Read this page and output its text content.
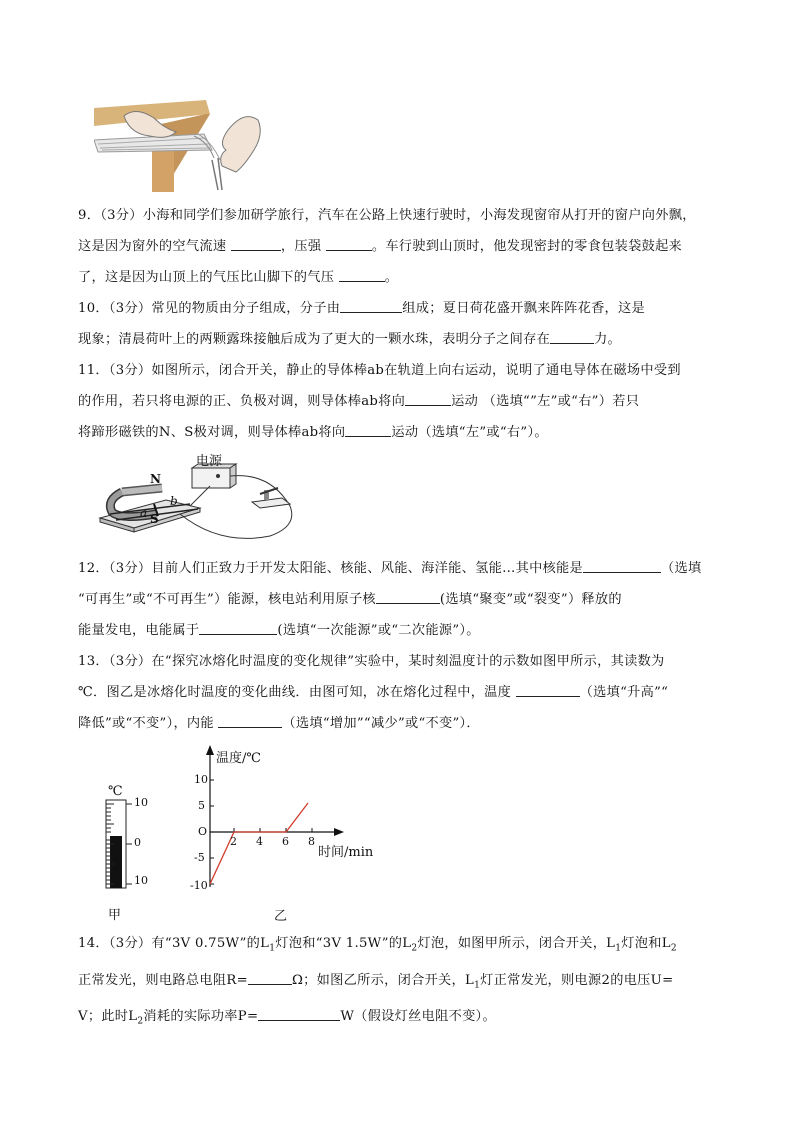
9．（3分）小海和同学们参加研学旅行，汽车在公路上快速行驶时，小海发现窗帘从打开的窗户向外飘，
这是因为窗外的空气流速	，压强	。车行驶到山顶时，他发现密封的零食包装袋鼓起来
了，这是因为山顶上的气压比山脚下的气压	。
10．（3分）常见的物质由分子组成，分子由	组成；夏日荷花盛开飘来阵阵花香，这是
现象；清晨荷叶上的两颗露珠接触后成为了更大的一颗水珠，表明分子之间存在	力。
11．（3分）如图所示，闭合开关，静止的导体棒ab在轨道上向右运动，说明了通电导体在磁场中受到
的作用，若只将电源的正、负极对调，则导体棒ab将向	运动 （选填“”左”或“右”）若只
将蹄形磁铁的N、S极对调，则导体棒ab将向	运动（选填“左”或“右”）。
电源
N
S
a
b
12．（3分）目前人们正致力于开发太阳能、核能、风能、海洋能、氢能…其中核能是	（选填
“可再生”或“不可再生”）能源，核电站利用原子核	(选填“聚变”或“裂变”）释放的
能量发电，电能属于	(选填“一次能源”或“二次能源”）。
13．（3分）在“探究冰熔化时温度的变化规律”实验中，某时刻温度计的示数如图甲所示，其读数为
℃．图乙是冰熔化时温度的变化曲线．由图可知，冰在熔化过程中，温度	（选填“升高”“
降低”或“不变”），内能	（选填“增加”“减少”或“不变”）．
℃
10
0
10
甲
温度/℃
10
5
O
-5
-10
2 4 6 8
时间/min
乙
14．（3分）有“3V 0.75W”的$L_1$灯泡和“3V 1.5W”的$L_2$灯泡，如图甲所示，闭合开关，$L_1$灯泡和$L_2$
正常发光，则电路总电阻R=	Ω；如图乙所示，闭合开关，$L_1$灯正常发光，则电源2的电压U=
V；此时$L_2$消耗的实际功率P=	W（假设灯丝电阻不变）。
